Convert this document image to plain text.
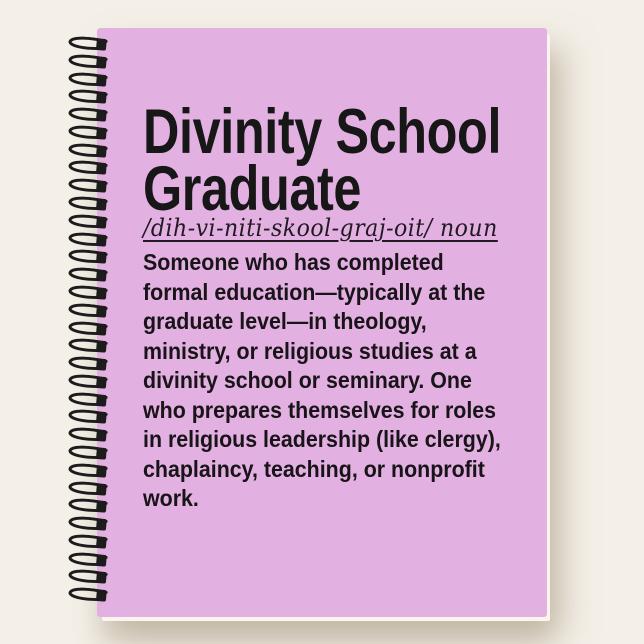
Divinity School
Graduate
/dih-vi-niti-skool-graj-oit/ noun
Someone who has completed
formal education—typically at the
graduate level—in theology,
ministry, or religious studies at a
divinity school or seminary. One
who prepares themselves for roles
in religious leadership (like clergy),
chaplaincy, teaching, or nonprofit
work.
